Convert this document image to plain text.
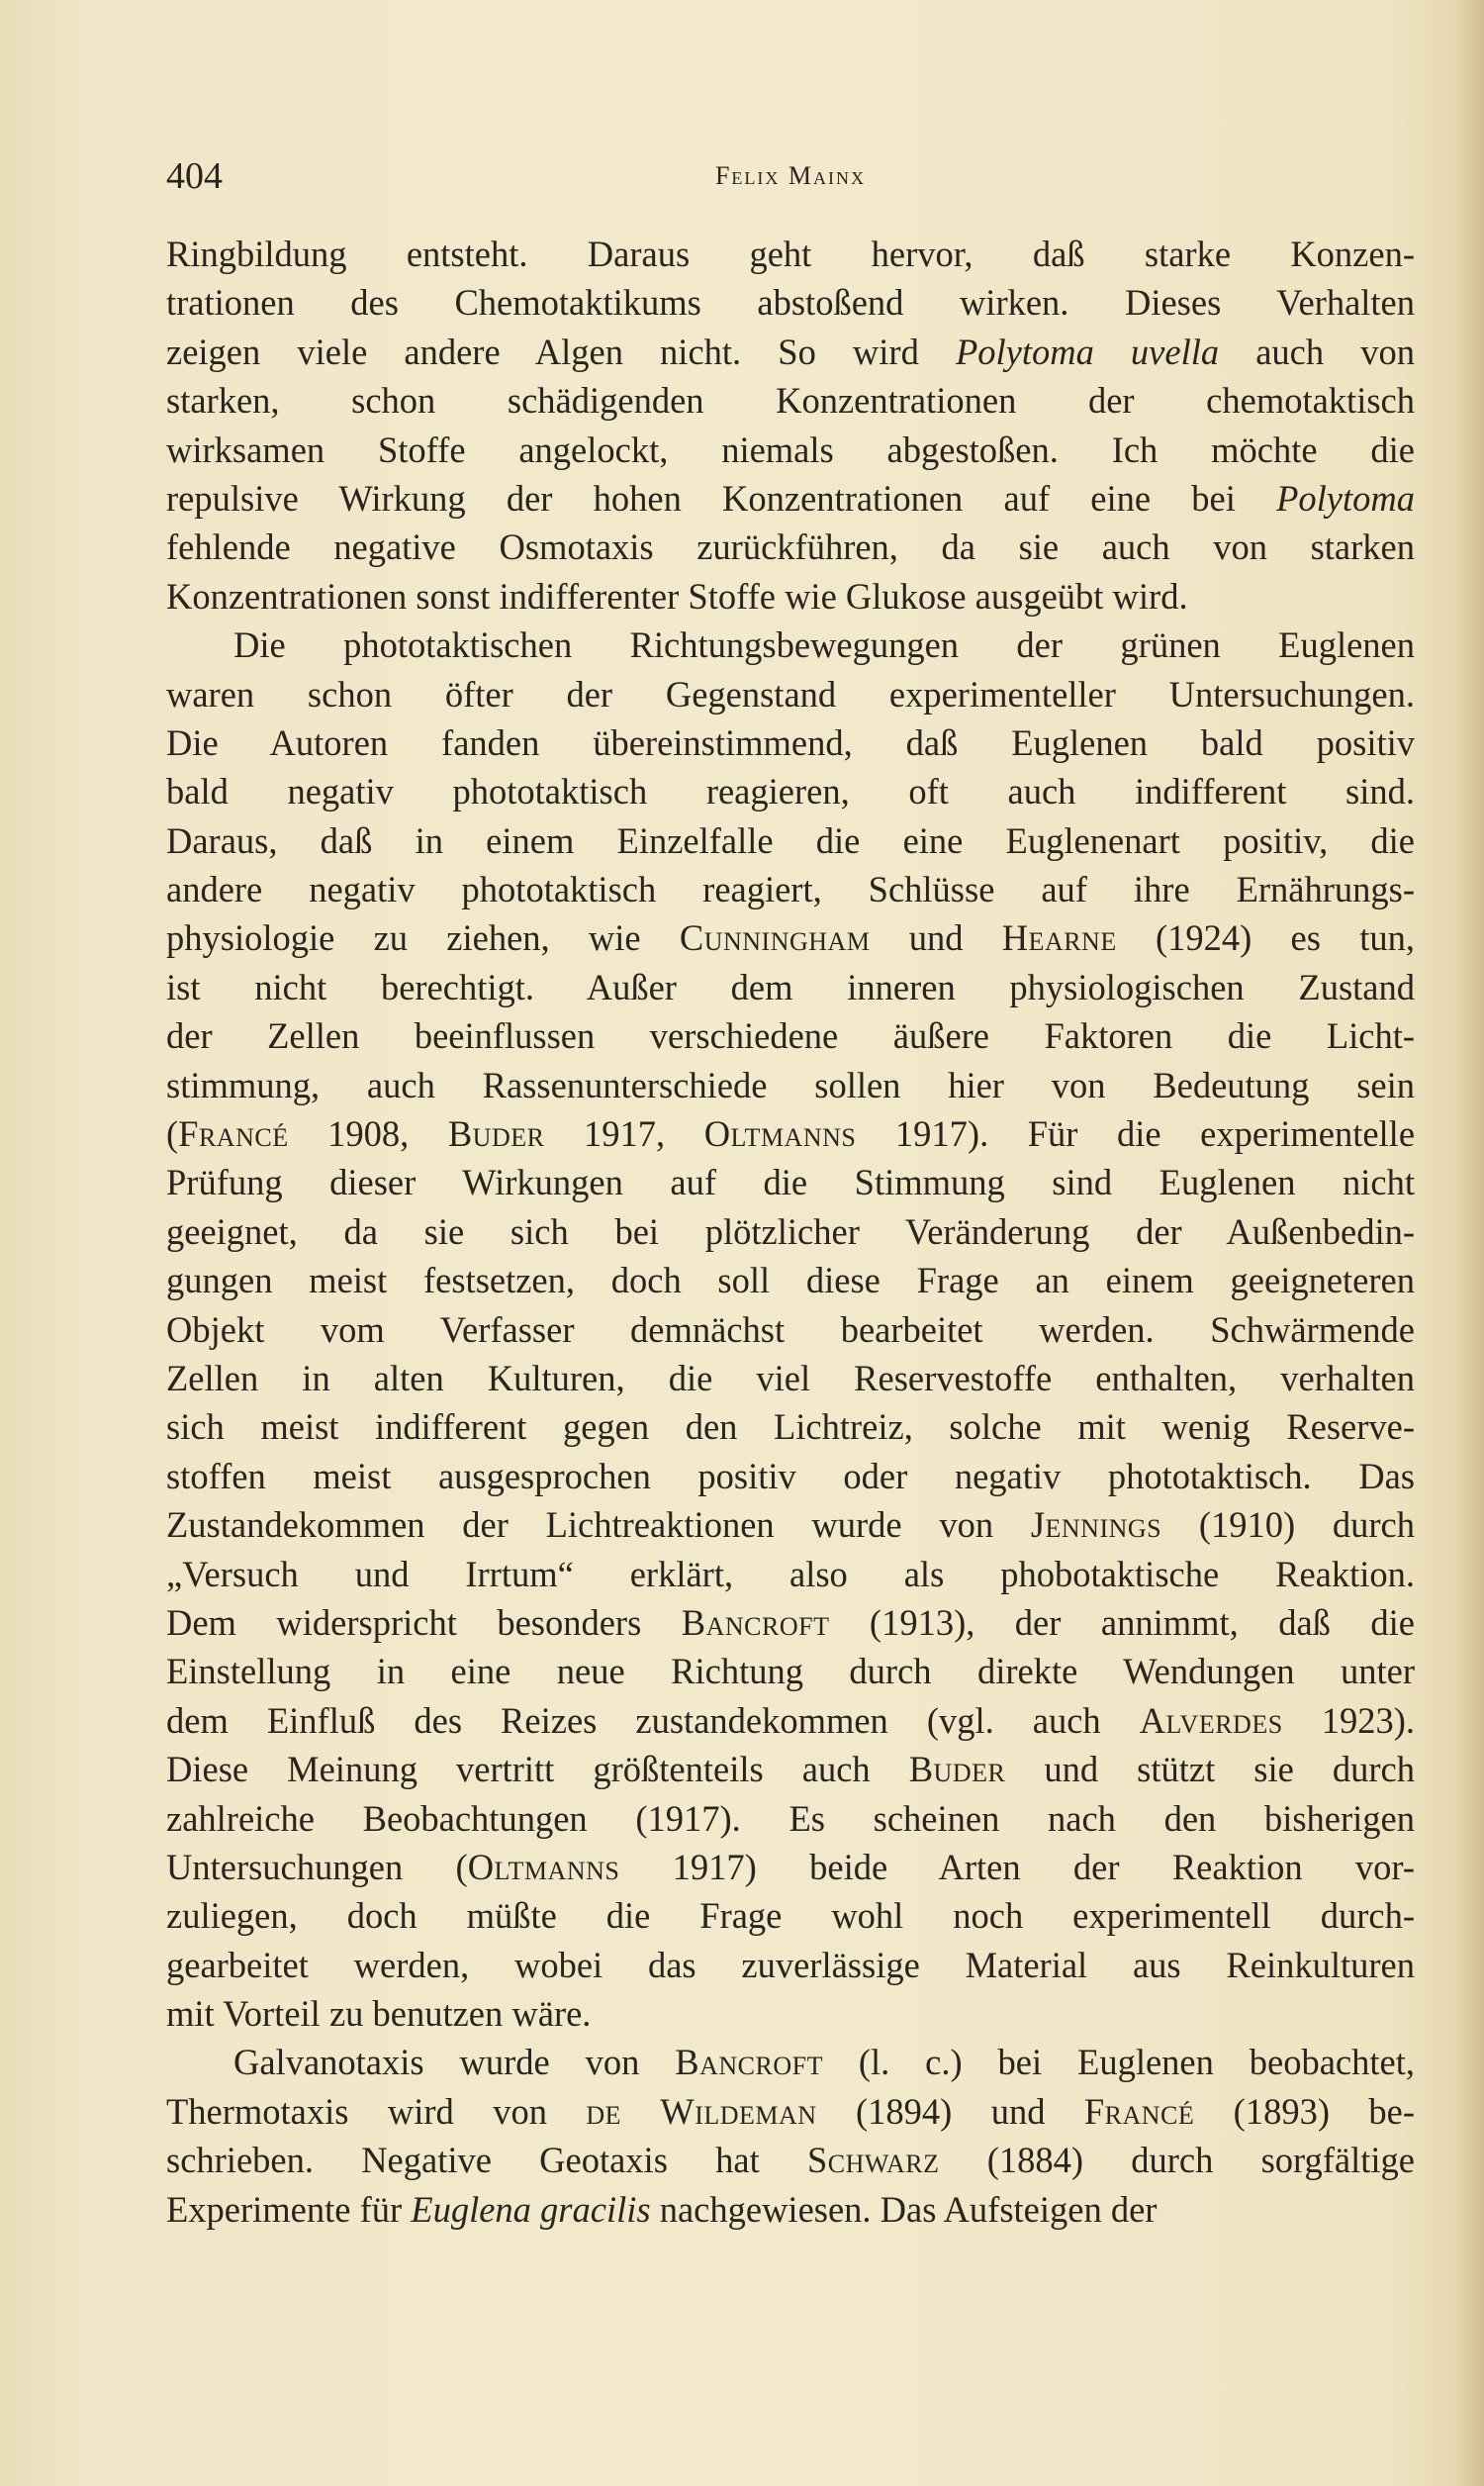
404	Felix Mainx
Ringbildung entsteht. Daraus geht hervor, daß starke Konzen-
trationen des Chemotaktikums abstoßend wirken. Dieses Verhalten
zeigen viele andere Algen nicht. So wird Polytoma uvella auch von
starken, schon schädigenden Konzentrationen der chemotaktisch
wirksamen Stoffe angelockt, niemals abgestoßen. Ich möchte die
repulsive Wirkung der hohen Konzentrationen auf eine bei Polytoma
fehlende negative Osmotaxis zurückführen, da sie auch von starken
Konzentrationen sonst indifferenter Stoffe wie Glukose ausgeübt wird.
Die phototaktischen Richtungsbewegungen der grünen Euglenen
waren schon öfter der Gegenstand experimenteller Untersuchungen.
Die Autoren fanden übereinstimmend, daß Euglenen bald positiv
bald negativ phototaktisch reagieren, oft auch indifferent sind.
Daraus, daß in einem Einzelfalle die eine Euglenenart positiv, die
andere negativ phototaktisch reagiert, Schlüsse auf ihre Ernährungs-
physiologie zu ziehen, wie Cunningham und Hearne (1924) es tun,
ist nicht berechtigt. Außer dem inneren physiologischen Zustand
der Zellen beeinflussen verschiedene äußere Faktoren die Licht-
stimmung, auch Rassenunterschiede sollen hier von Bedeutung sein
(Francé 1908, Buder 1917, Oltmanns 1917). Für die experimentelle
Prüfung dieser Wirkungen auf die Stimmung sind Euglenen nicht
geeignet, da sie sich bei plötzlicher Veränderung der Außenbedin-
gungen meist festsetzen, doch soll diese Frage an einem geeigneteren
Objekt vom Verfasser demnächst bearbeitet werden. Schwärmende
Zellen in alten Kulturen, die viel Reservestoffe enthalten, verhalten
sich meist indifferent gegen den Lichtreiz, solche mit wenig Reserve-
stoffen meist ausgesprochen positiv oder negativ phototaktisch. Das
Zustandekommen der Lichtreaktionen wurde von Jennings (1910) durch
„Versuch und Irrtum“ erklärt, also als phobotaktische Reaktion.
Dem widerspricht besonders Bancroft (1913), der annimmt, daß die
Einstellung in eine neue Richtung durch direkte Wendungen unter
dem Einfluß des Reizes zustandekommen (vgl. auch Alverdes 1923).
Diese Meinung vertritt größtenteils auch Buder und stützt sie durch
zahlreiche Beobachtungen (1917). Es scheinen nach den bisherigen
Untersuchungen (Oltmanns 1917) beide Arten der Reaktion vor-
zuliegen, doch müßte die Frage wohl noch experimentell durch-
gearbeitet werden, wobei das zuverlässige Material aus Reinkulturen
mit Vorteil zu benutzen wäre.
Galvanotaxis wurde von Bancroft (l. c.) bei Euglenen beobachtet,
Thermotaxis wird von de Wildeman (1894) und Francé (1893) be-
schrieben. Negative Geotaxis hat Schwarz (1884) durch sorgfältige
Experimente für Euglena gracilis nachgewiesen. Das Aufsteigen der
